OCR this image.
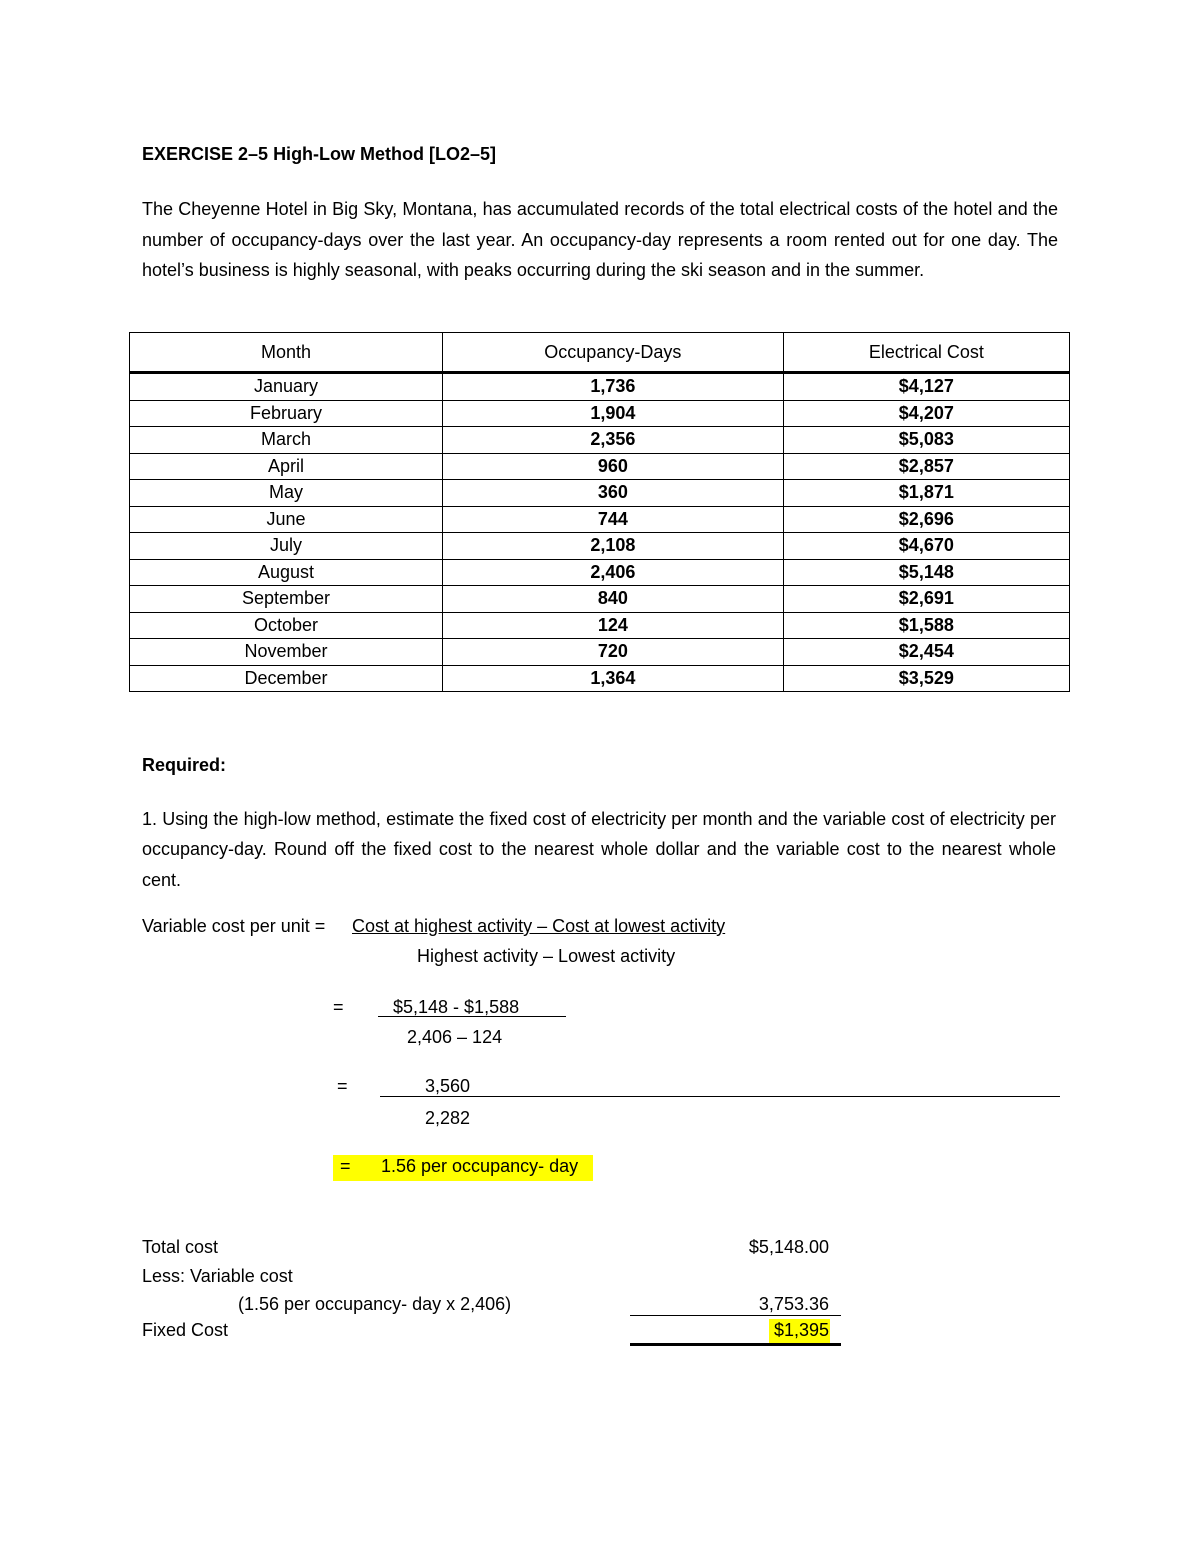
EXERCISE 2–5 High-Low Method [LO2–5]
The Cheyenne Hotel in Big Sky, Montana, has accumulated records of the total electrical costs of the hotel and the number of occupancy-days over the last year. An occupancy-day represents a room rented out for one day. The hotel’s business is highly seasonal, with peaks occurring during the ski season and in the summer.
Month	Occupancy-Days	Electrical Cost
January	1,736	$4,127
February	1,904	$4,207
March	2,356	$5,083
April	960	$2,857
May	360	$1,871
June	744	$2,696
July	2,108	$4,670
August	2,406	$5,148
September	840	$2,691
October	124	$1,588
November	720	$2,454
December	1,364	$3,529
Required:
1. Using the high-low method, estimate the fixed cost of electricity per month and the variable cost of electricity per occupancy-day. Round off the fixed cost to the nearest whole dollar and the variable cost to the nearest whole cent.
Variable cost per unit = Cost at highest activity – Cost at lowest activity
Highest activity – Lowest activity
=	$5,148 - $1,588
2,406 – 124
=	3,560
2,282
= 1.56 per occupancy- day
Total cost	$5,148.00
Less: Variable cost
(1.56 per occupancy- day x 2,406)	3,753.36
Fixed Cost	$1,395
